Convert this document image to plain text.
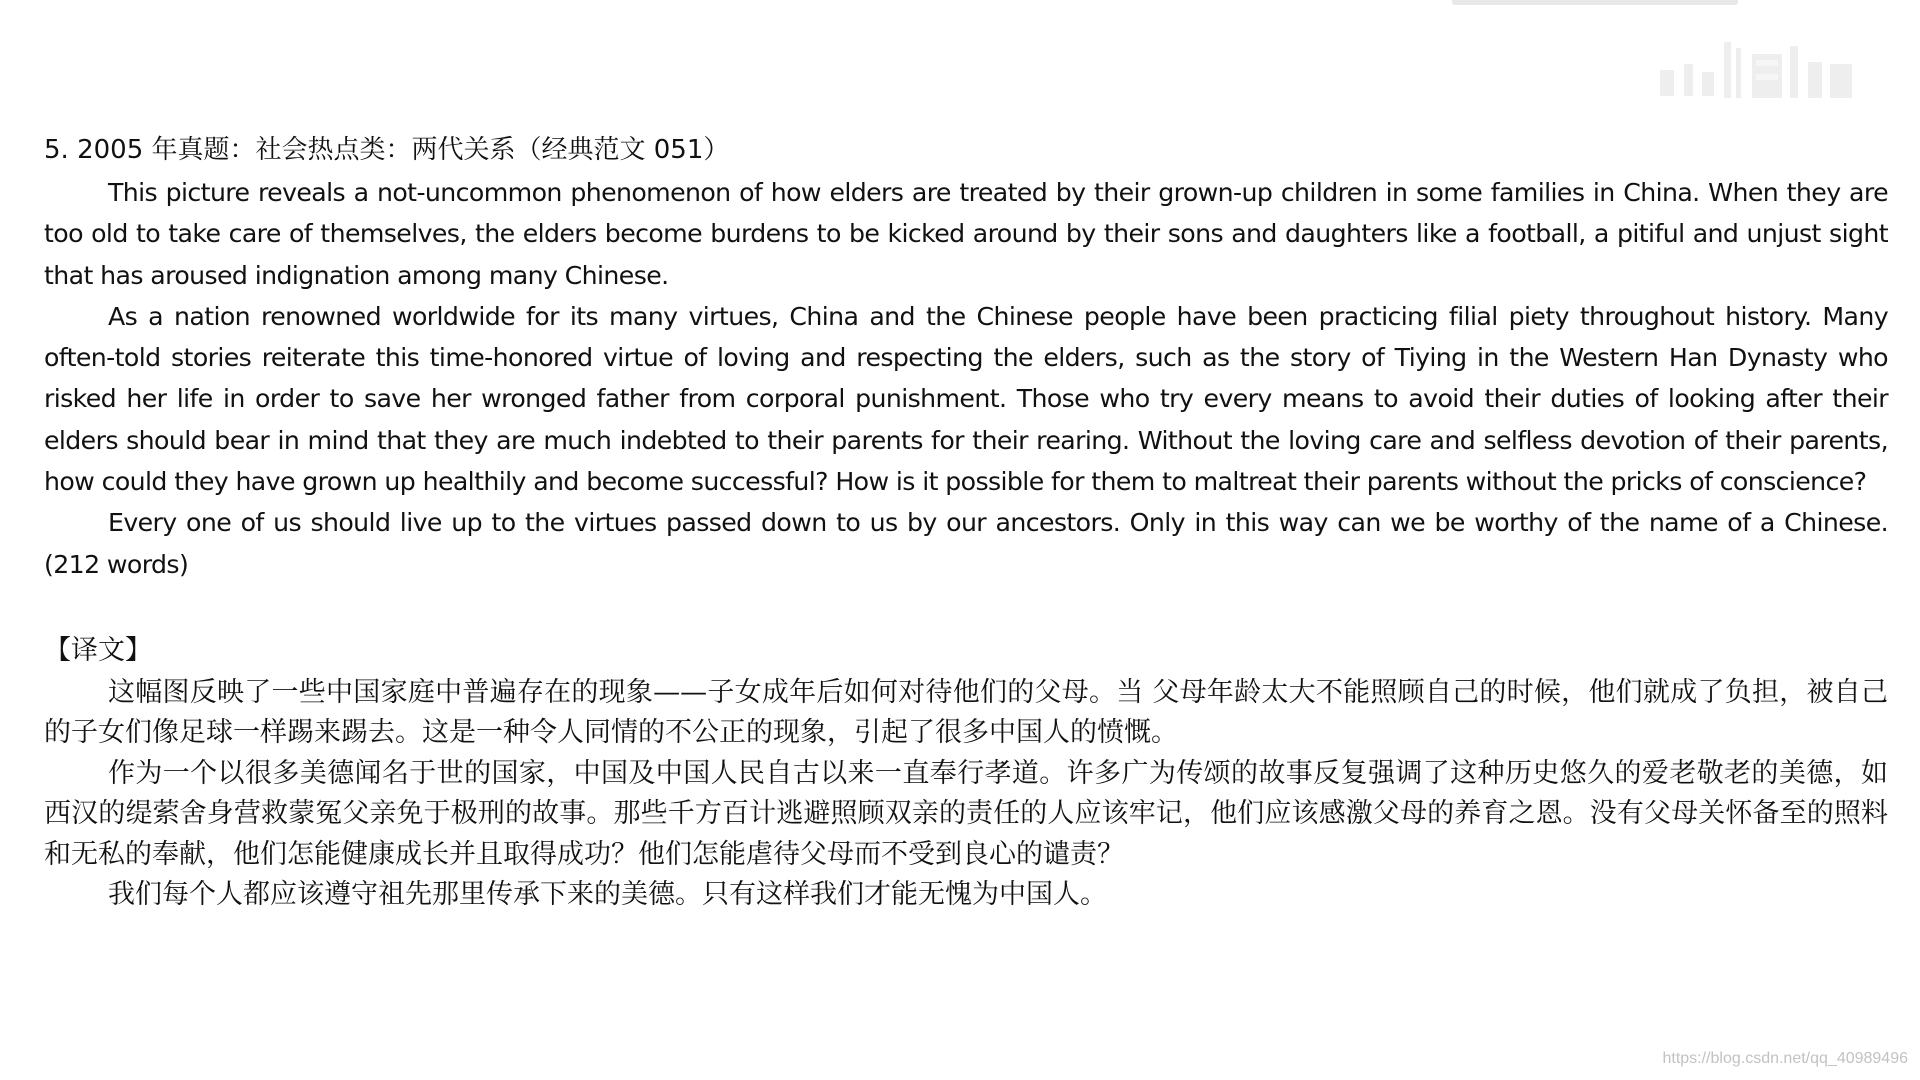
5. 2005 年真题：社会热点类：两代关系（经典范文 051）

This picture reveals a not-uncommon phenomenon of how elders are treated by their grown-up children in some families in China. When they are too old to take care of themselves, the elders become burdens to be kicked around by their sons and daughters like a football, a pitiful and unjust sight that has aroused indignation among many Chinese.

As a nation renowned worldwide for its many virtues, China and the Chinese people have been practicing filial piety throughout history. Many often-told stories reiterate this time-honored virtue of loving and respecting the elders, such as the story of Tiying in the Western Han Dynasty who risked her life in order to save her wronged father from corporal punishment. Those who try every means to avoid their duties of looking after their elders should bear in mind that they are much indebted to their parents for their rearing. Without the loving care and selfless devotion of their parents, how could they have grown up healthily and become successful? How is it possible for them to maltreat their parents without the pricks of conscience?

Every one of us should live up to the virtues passed down to us by our ancestors. Only in this way can we be worthy of the name of a Chinese. (212 words)

【译文】

这幅图反映了一些中国家庭中普遍存在的现象——子女成年后如何对待他们的父母。当 父母年龄太大不能照顾自己的时候，他们就成了负担，被自己的子女们像足球一样踢来踢去。这是一种令人同情的不公正的现象，引起了很多中国人的愤慨。

作为一个以很多美德闻名于世的国家，中国及中国人民自古以来一直奉行孝道。许多广为传颂的故事反复强调了这种历史悠久的爱老敬老的美德，如西汉的缇萦舍身营救蒙冤父亲免于极刑的故事。那些千方百计逃避照顾双亲的责任的人应该牢记，他们应该感激父母的养育之恩。没有父母关怀备至的照料和无私的奉献，他们怎能健康成长并且取得成功？他们怎能虐待父母而不受到良心的谴责？

我们每个人都应该遵守祖先那里传承下来的美德。只有这样我们才能无愧为中国人。

https://blog.csdn.net/qq_40989496
